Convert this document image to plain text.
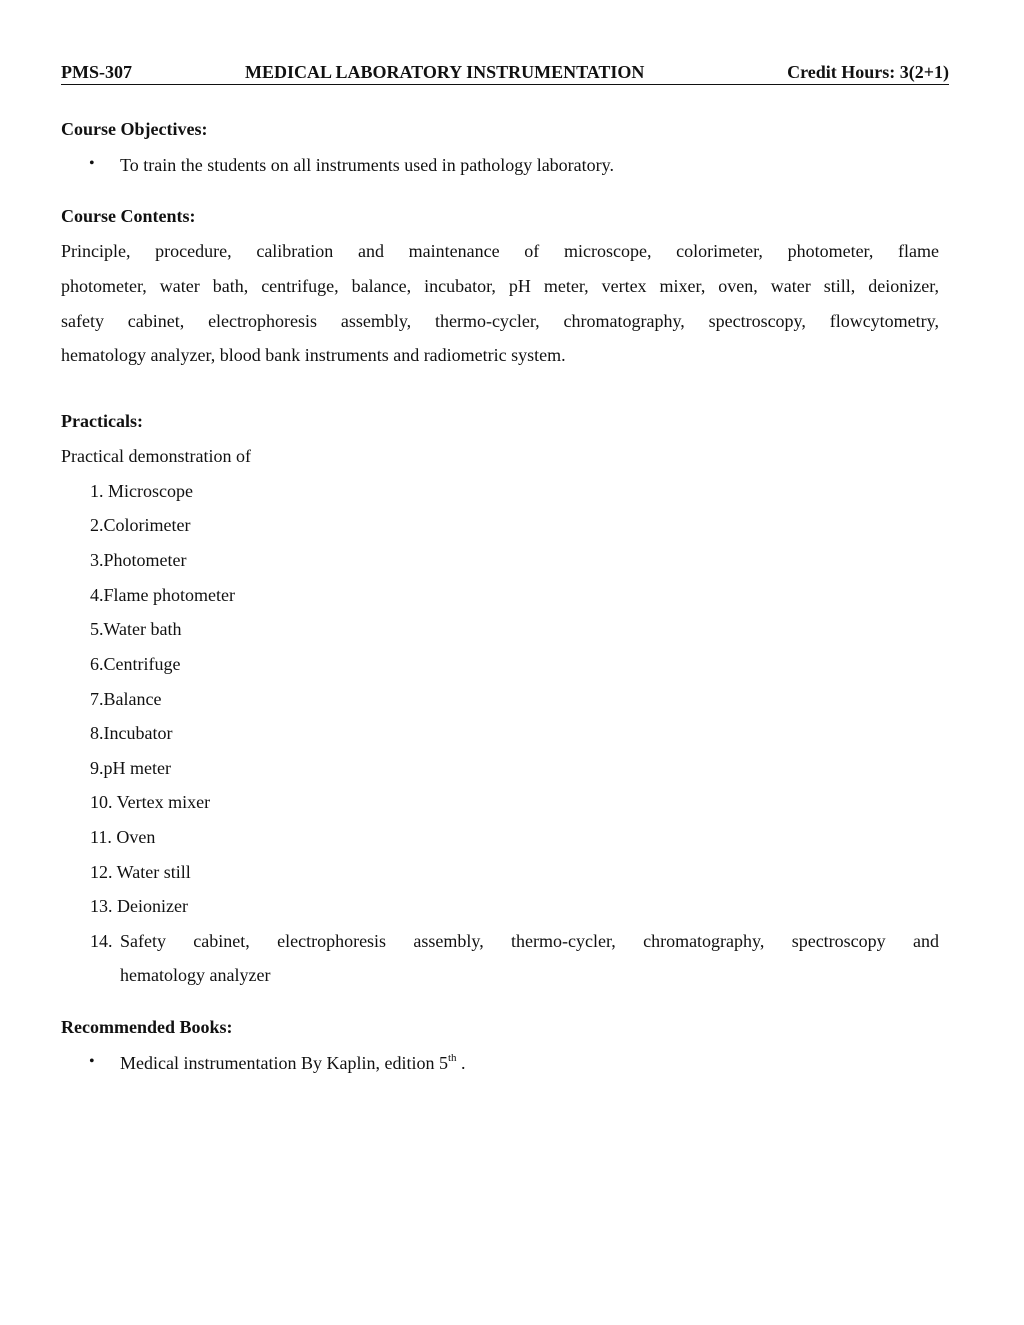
PMS-307	MEDICAL LABORATORY INSTRUMENTATION	Credit Hours: 3(2+1)
Course Objectives:
• To train the students on all instruments used in pathology laboratory.
Course Contents:
Principle, procedure, calibration and maintenance of microscope, colorimeter, photometer, flame
photometer, water bath, centrifuge, balance, incubator, pH meter, vertex mixer, oven, water still, deionizer,
safety cabinet, electrophoresis assembly, thermo-cycler, chromatography, spectroscopy, flowcytometry,
hematology analyzer, blood bank instruments and radiometric system.
Practicals:
Practical demonstration of
1. Microscope
2.Colorimeter
3.Photometer
4.Flame photometer
5.Water bath
6.Centrifuge
7.Balance
8.Incubator
9.pH meter
10. Vertex mixer
11. Oven
12. Water still
13. Deionizer
14. Safety cabinet, electrophoresis assembly, thermo-cycler, chromatography, spectroscopy and
hematology analyzer
Recommended Books:
• Medical instrumentation By Kaplin, edition 5th .
